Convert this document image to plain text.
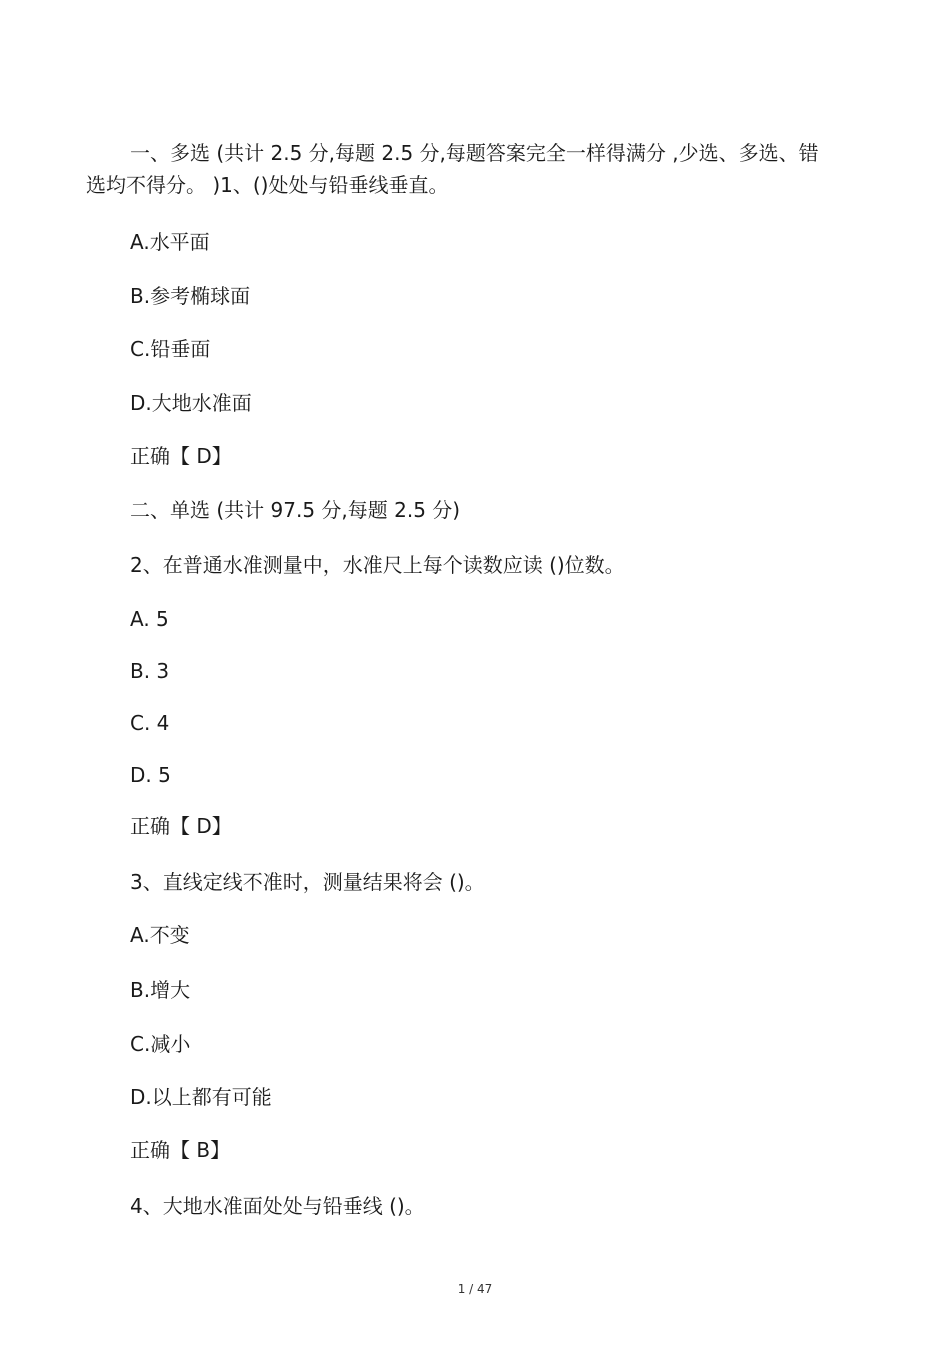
一、多选 (共计 2.5 分,每题 2.5 分,每题答案完全一样得满分 ,少选、多选、错
选均不得分。 )1、()处处与铅垂线垂直。
A.水平面
B.参考椭球面
C.铅垂面
D.大地水准面
正确【 D】
二、单选 (共计 97.5 分,每题 2.5 分)
2、在普通水准测量中，水准尺上每个读数应读 ()位数。
A. 5
B. 3
C. 4
D. 5
正确【 D】
3、直线定线不准时，测量结果将会 ()。
A.不变
B.增大
C.减小
D.以上都有可能
正确【 B】
4、大地水准面处处与铅垂线 ()。
1 / 47
